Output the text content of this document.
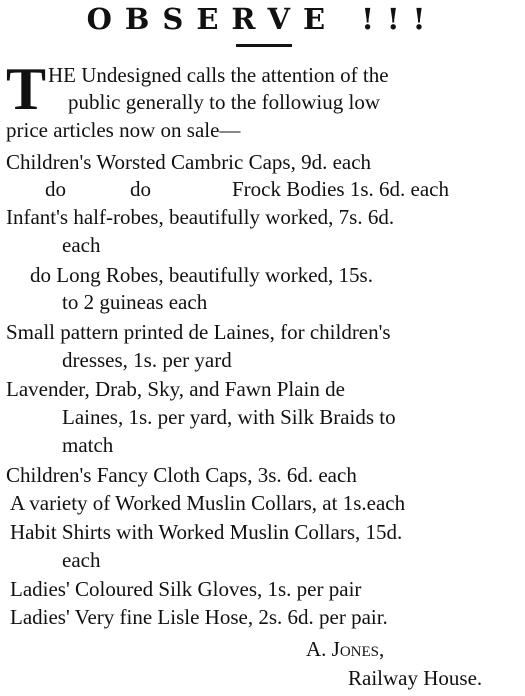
OBSERVE !!!
T HE Undesigned calls the attention of the
public generally to the followiug low
price articles now on sale—
Children's Worsted Cambric Caps, 9d. each
do	do	Frock Bodies 1s. 6d. each
Infant's half-robes, beautifully worked, 7s. 6d.
each
do Long Robes, beautifully worked, 15s.
to 2 guineas each
Small pattern printed de Laines, for children's
dresses, 1s. per yard
Lavender, Drab, Sky, and Fawn Plain de
Laines, 1s. per yard, with Silk Braids to
match
Children's Fancy Cloth Caps, 3s. 6d. each
A variety of Worked Muslin Collars, at 1s.each
Habit Shirts with Worked Muslin Collars, 15d.
each
Ladies' Coloured Silk Gloves, 1s. per pair
Ladies' Very fine Lisle Hose, 2s. 6d. per pair.
A. Jones,
Railway House.
